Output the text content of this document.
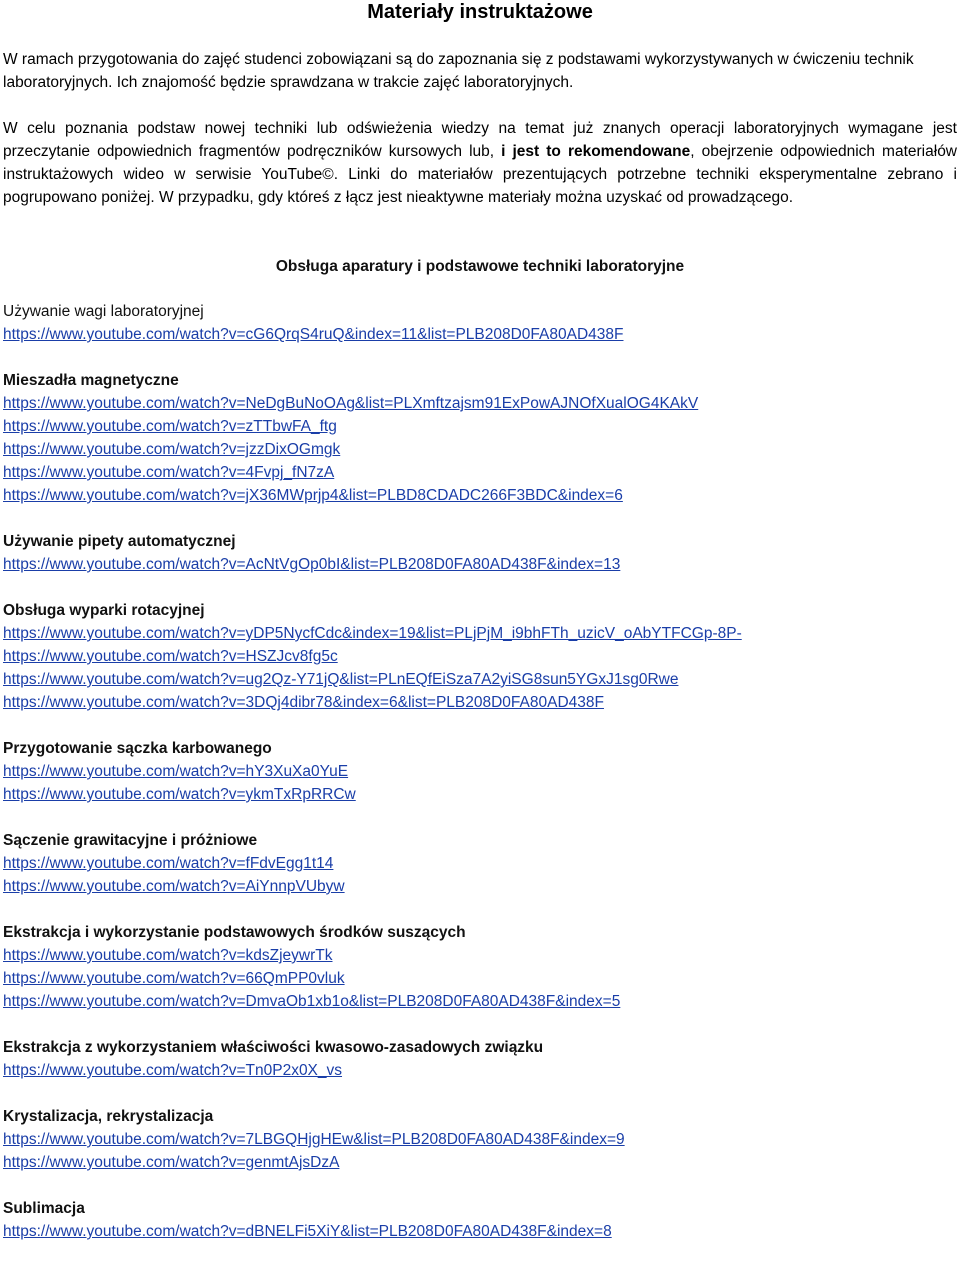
Materiały instruktażowe
W ramach przygotowania do zajęć studenci zobowiązani są do zapoznania się z podstawami wykorzystywanych w ćwiczeniu technik laboratoryjnych. Ich znajomość będzie sprawdzana w trakcie zajęć laboratoryjnych.
W celu poznania podstaw nowej techniki lub odświeżenia wiedzy na temat już znanych operacji laboratoryjnych wymagane jest przeczytanie odpowiednich fragmentów podręczników kursowych lub, i jest to rekomendowane, obejrzenie odpowiednich materiałów instruktażowych wideo w serwisie YouTube©. Linki do materiałów prezentujących potrzebne techniki eksperymentalne zebrano i pogrupowano poniżej. W przypadku, gdy któreś z łącz jest nieaktywne materiały można uzyskać od prowadzącego.
Obsługa aparatury i podstawowe techniki laboratoryjne
Używanie wagi laboratoryjnej
https://www.youtube.com/watch?v=cG6QrqS4ruQ&index=11&list=PLB208D0FA80AD438F
Mieszadła magnetyczne
https://www.youtube.com/watch?v=NeDgBuNoOAg&list=PLXmftzajsm91ExPowAJNOfXualOG4KAkV
https://www.youtube.com/watch?v=zTTbwFA_ftg
https://www.youtube.com/watch?v=jzzDixOGmgk
https://www.youtube.com/watch?v=4Fvpj_fN7zA
https://www.youtube.com/watch?v=jX36MWprjp4&list=PLBD8CDADC266F3BDC&index=6
Używanie pipety automatycznej
https://www.youtube.com/watch?v=AcNtVgOp0bI&list=PLB208D0FA80AD438F&index=13
Obsługa wyparki rotacyjnej
https://www.youtube.com/watch?v=yDP5NycfCdc&index=19&list=PLjPjM_i9bhFTh_uzicV_oAbYTFCGp-8P-
https://www.youtube.com/watch?v=HSZJcv8fg5c
https://www.youtube.com/watch?v=ug2Qz-Y71jQ&list=PLnEQfEiSza7A2yiSG8sun5YGxJ1sg0Rwe
https://www.youtube.com/watch?v=3DQj4dibr78&index=6&list=PLB208D0FA80AD438F
Przygotowanie sączka karbowanego
https://www.youtube.com/watch?v=hY3XuXa0YuE
https://www.youtube.com/watch?v=ykmTxRpRRCw
Sączenie grawitacyjne i próżniowe
https://www.youtube.com/watch?v=fFdvEgg1t14
https://www.youtube.com/watch?v=AiYnnpVUbyw
Ekstrakcja i wykorzystanie podstawowych środków suszących
https://www.youtube.com/watch?v=kdsZjeywrTk
https://www.youtube.com/watch?v=66QmPP0vluk
https://www.youtube.com/watch?v=DmvaOb1xb1o&list=PLB208D0FA80AD438F&index=5
Ekstrakcja z wykorzystaniem właściwości kwasowo-zasadowych związku
https://www.youtube.com/watch?v=Tn0P2x0X_vs
Krystalizacja, rekrystalizacja
https://www.youtube.com/watch?v=7LBGQHjgHEw&list=PLB208D0FA80AD438F&index=9
https://www.youtube.com/watch?v=genmtAjsDzA
Sublimacja
https://www.youtube.com/watch?v=dBNELFi5XiY&list=PLB208D0FA80AD438F&index=8
